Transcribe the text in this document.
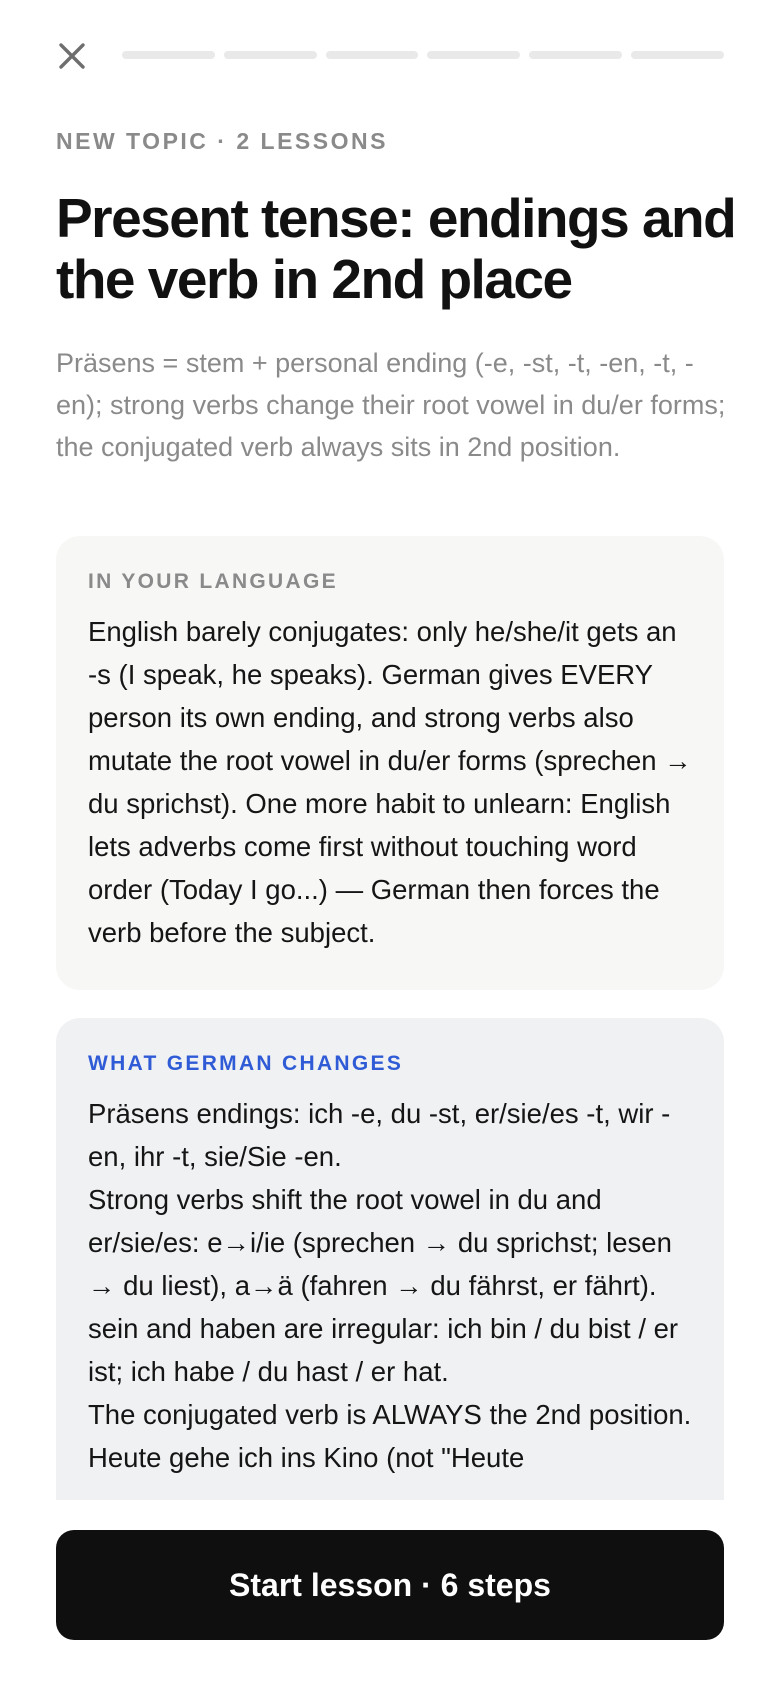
NEW TOPIC · 2 LESSONS
Present tense: endings and the verb in 2nd place

Präsens = stem + personal ending (-e, -st, -t, -en, -t, -en); strong verbs change their root vowel in du/er forms; the conjugated verb always sits in 2nd position.

IN YOUR LANGUAGE

English barely conjugates: only he/she/it gets an -s (I speak, he speaks). German gives EVERY person its own ending, and strong verbs also mutate the root vowel in du/er forms (sprechen → du sprichst). One more habit to unlearn: English lets adverbs come first without touching word order (Today I go...) — German then forces the verb before the subject.

WHAT GERMAN CHANGES

Präsens endings: ich -e, du -st, er/sie/es -t, wir -en, ihr -t, sie/Sie -en.

Strong verbs shift the root vowel in du and er/sie/es: e→i/ie (sprechen → du sprichst; lesen → du liest), a→ä (fahren → du fährst, er fährt).

sein and haben are irregular: ich bin / du bist / er ist; ich habe / du hast / er hat.

The conjugated verb is ALWAYS the 2nd position. Heute gehe ich ins Kino (not "Heute

Start lesson · 6 steps
